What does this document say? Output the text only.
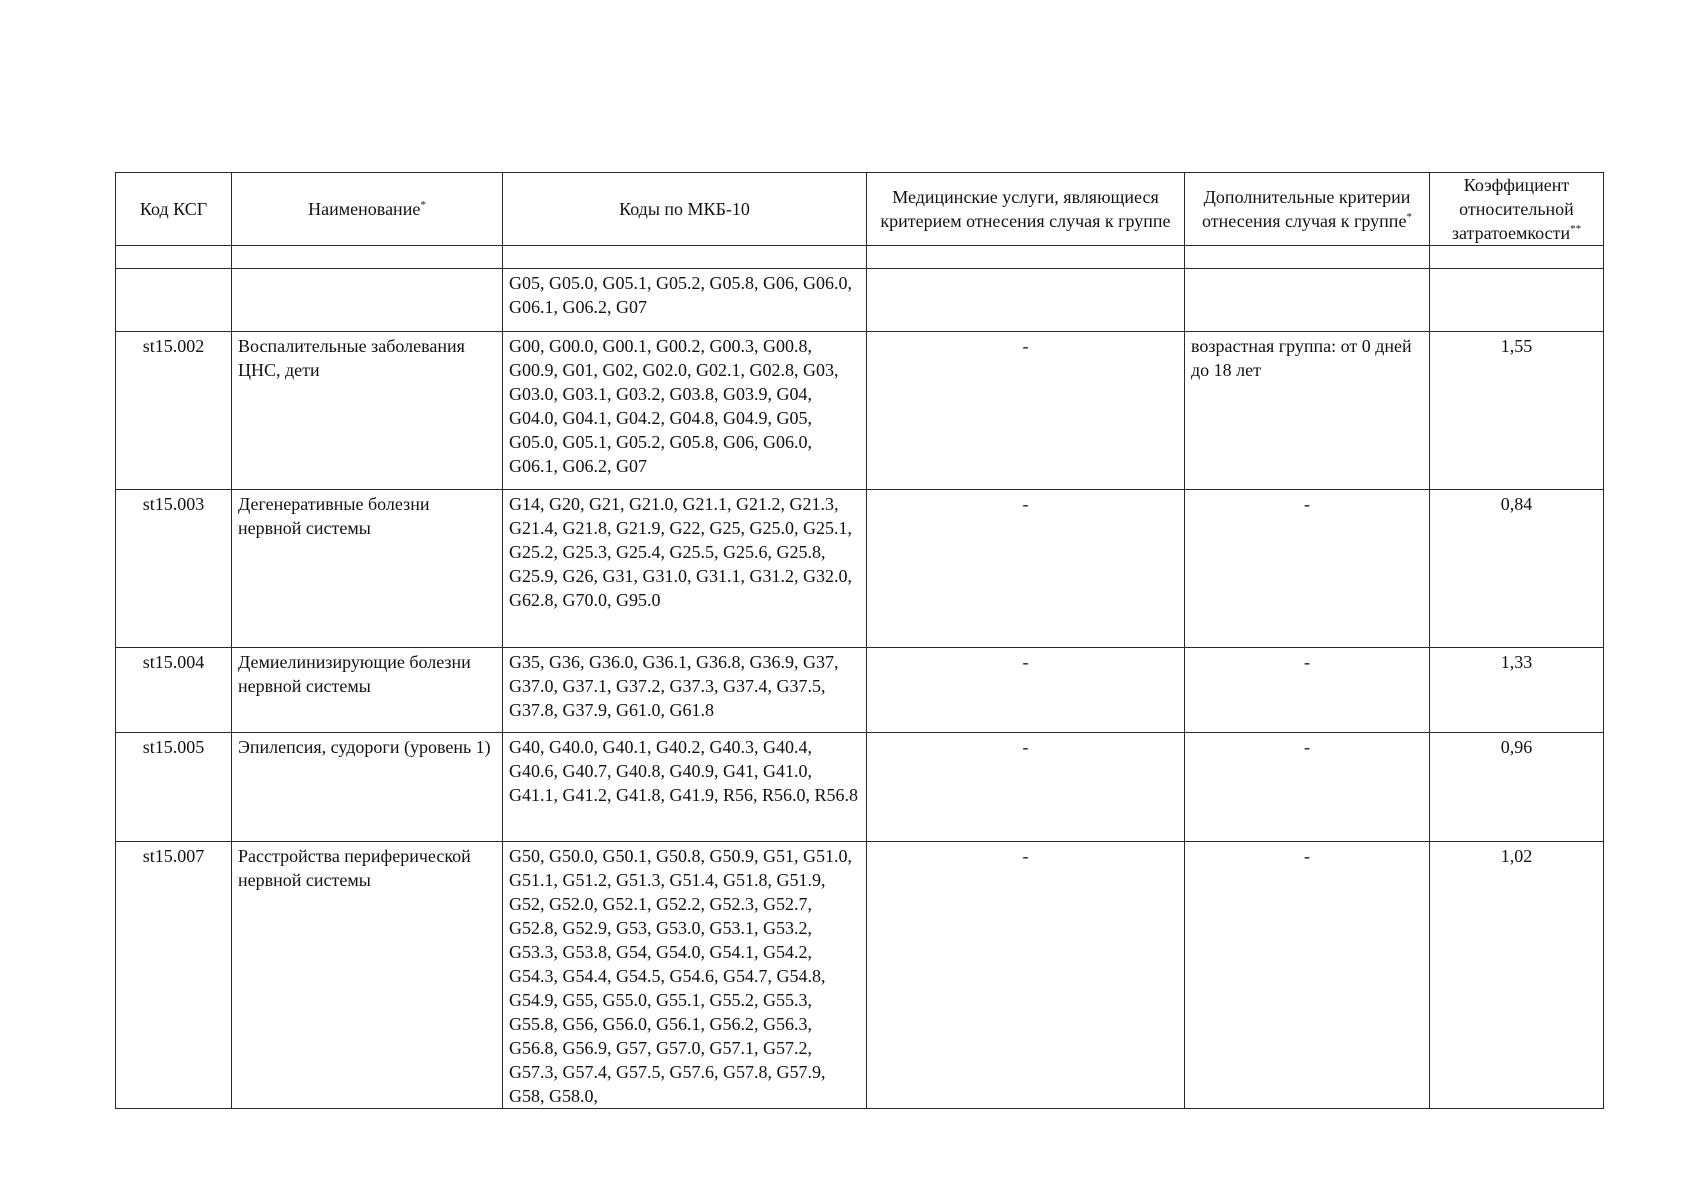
Код КСГ	Наименование*	Коды по МКБ-10	Медицинские услуги, являющиеся критерием отнесения случая к группе	Дополнительные критерии отнесения случая к группе*	Коэффициент относительной затратоемкости**

		G05, G05.0, G05.1, G05.2, G05.8, G06, G06.0, G06.1, G06.2, G07			
st15.002	Воспалительные заболевания ЦНС, дети	G00, G00.0, G00.1, G00.2, G00.3, G00.8, G00.9, G01, G02, G02.0, G02.1, G02.8, G03, G03.0, G03.1, G03.2, G03.8, G03.9, G04, G04.0, G04.1, G04.2, G04.8, G04.9, G05, G05.0, G05.1, G05.2, G05.8, G06, G06.0, G06.1, G06.2, G07	-	возрастная группа: от 0 дней до 18 лет	1,55
st15.003	Дегенеративные болезни нервной системы	G14, G20, G21, G21.0, G21.1, G21.2, G21.3, G21.4, G21.8, G21.9, G22, G25, G25.0, G25.1, G25.2, G25.3, G25.4, G25.5, G25.6, G25.8, G25.9, G26, G31, G31.0, G31.1, G31.2, G32.0, G62.8, G70.0, G95.0	-	-	0,84
st15.004	Демиелинизирующие болезни нервной системы	G35, G36, G36.0, G36.1, G36.8, G36.9, G37, G37.0, G37.1, G37.2, G37.3, G37.4, G37.5, G37.8, G37.9, G61.0, G61.8	-	-	1,33
st15.005	Эпилепсия, судороги (уровень 1)	G40, G40.0, G40.1, G40.2, G40.3, G40.4, G40.6, G40.7, G40.8, G40.9, G41, G41.0, G41.1, G41.2, G41.8, G41.9, R56, R56.0, R56.8	-	-	0,96
st15.007	Расстройства периферической нервной системы	G50, G50.0, G50.1, G50.8, G50.9, G51, G51.0, G51.1, G51.2, G51.3, G51.4, G51.8, G51.9, G52, G52.0, G52.1, G52.2, G52.3, G52.7, G52.8, G52.9, G53, G53.0, G53.1, G53.2, G53.3, G53.8, G54, G54.0, G54.1, G54.2, G54.3, G54.4, G54.5, G54.6, G54.7, G54.8, G54.9, G55, G55.0, G55.1, G55.2, G55.3, G55.8, G56, G56.0, G56.1, G56.2, G56.3, G56.8, G56.9, G57, G57.0, G57.1, G57.2, G57.3, G57.4, G57.5, G57.6, G57.8, G57.9, G58, G58.0,	-	-	1,02
